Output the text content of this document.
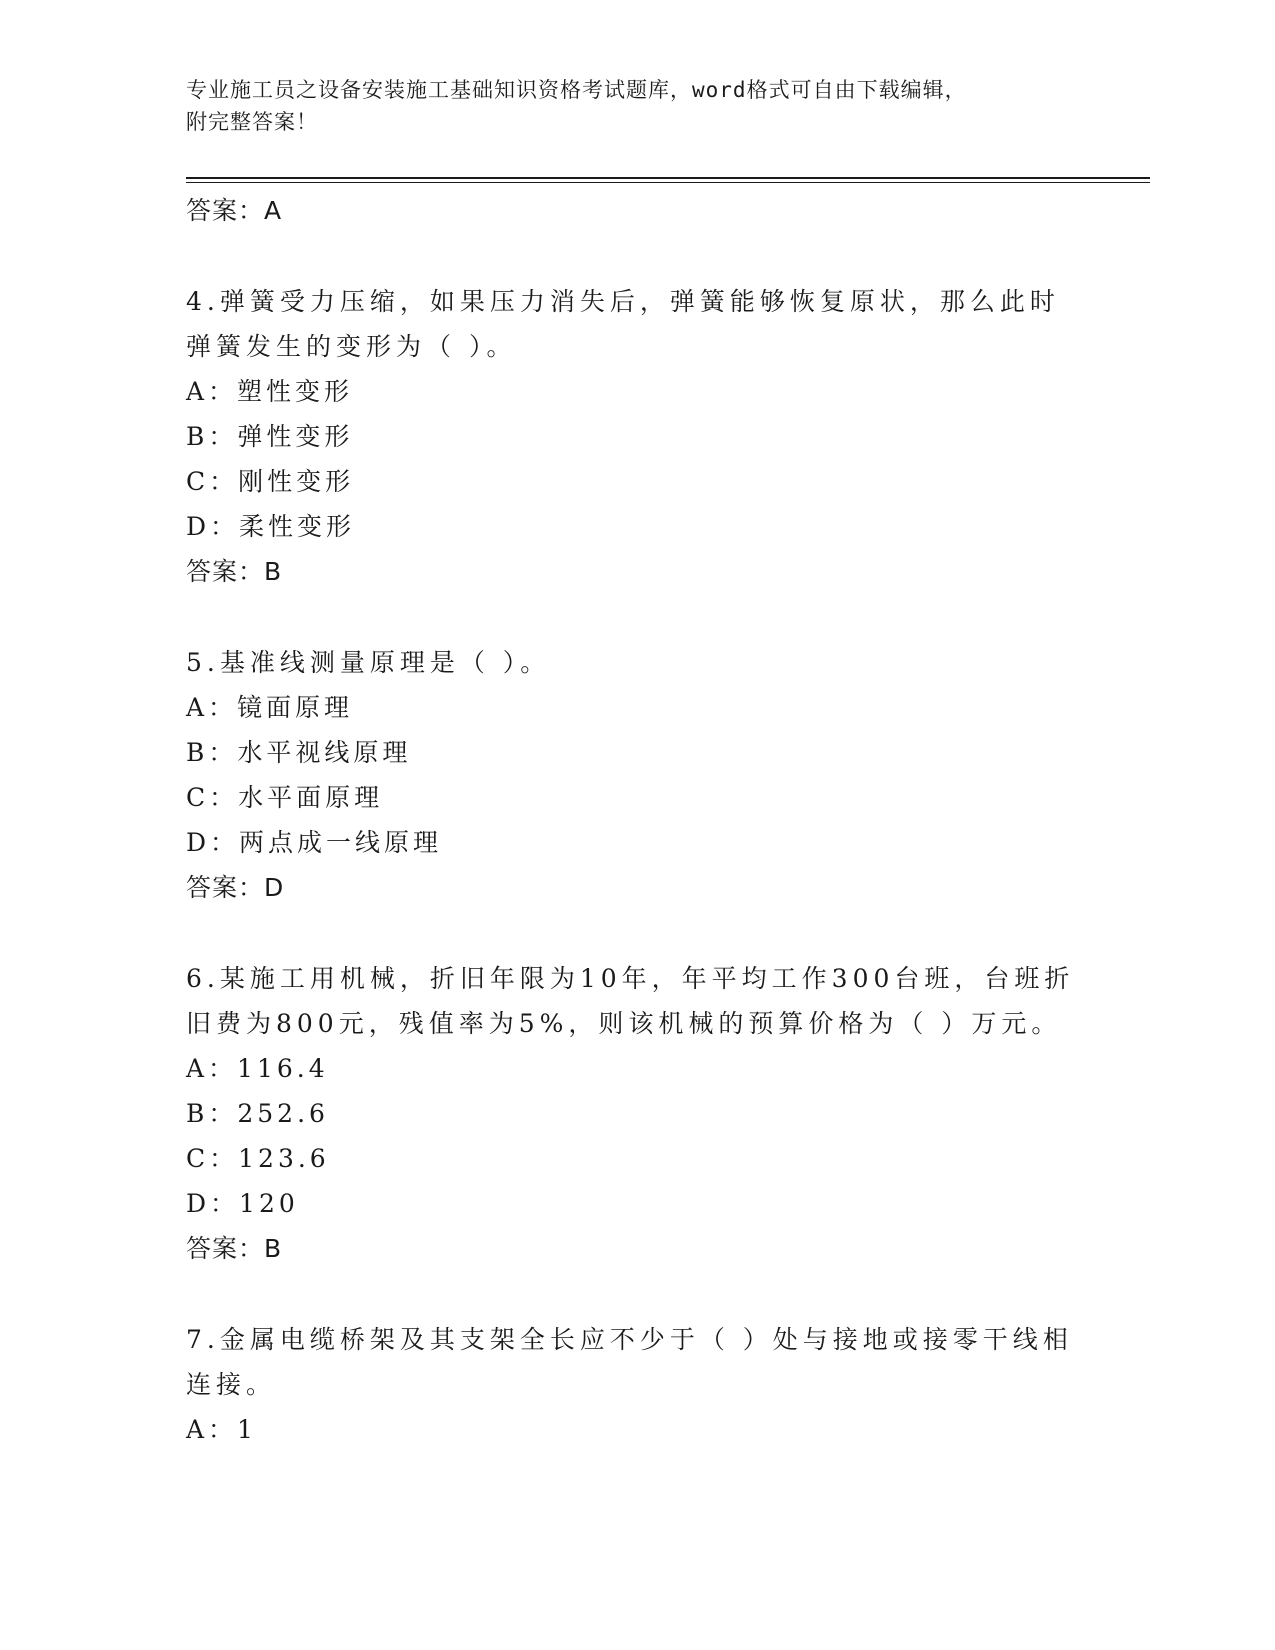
专业施工员之设备安装施工基础知识资格考试题库，word格式可自由下载编辑，
附完整答案！
答案：A
4.弹簧受力压缩，如果压力消失后，弹簧能够恢复原状，那么此时弹簧发生的变形为（ ）。
A：塑性变形
B：弹性变形
C：刚性变形
D：柔性变形
答案：B
5.基准线测量原理是（ ）。
A：镜面原理
B：水平视线原理
C：水平面原理
D：两点成一线原理
答案：D
6.某施工用机械，折旧年限为10年，年平均工作300台班，台班折旧费为800元，残值率为5%，则该机械的预算价格为（ ）万元。
A：116.4
B：252.6
C：123.6
D：120
答案：B
7.金属电缆桥架及其支架全长应不少于（ ）处与接地或接零干线相连接。
A：1
